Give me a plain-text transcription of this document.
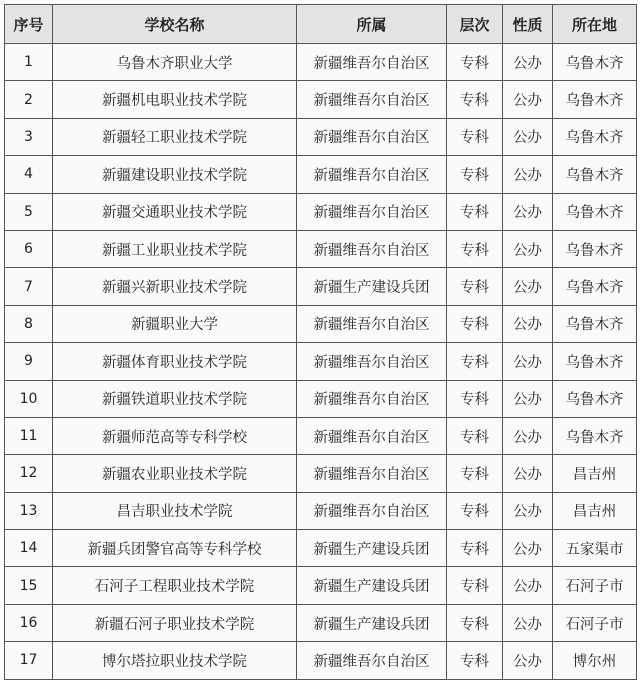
序号	学校名称	所属	层次	性质	所在地
1	乌鲁木齐职业大学	新疆维吾尔自治区	专科	公办	乌鲁木齐
2	新疆机电职业技术学院	新疆维吾尔自治区	专科	公办	乌鲁木齐
3	新疆轻工职业技术学院	新疆维吾尔自治区	专科	公办	乌鲁木齐
4	新疆建设职业技术学院	新疆维吾尔自治区	专科	公办	乌鲁木齐
5	新疆交通职业技术学院	新疆维吾尔自治区	专科	公办	乌鲁木齐
6	新疆工业职业技术学院	新疆维吾尔自治区	专科	公办	乌鲁木齐
7	新疆兴新职业技术学院	新疆生产建设兵团	专科	公办	乌鲁木齐
8	新疆职业大学	新疆维吾尔自治区	专科	公办	乌鲁木齐
9	新疆体育职业技术学院	新疆维吾尔自治区	专科	公办	乌鲁木齐
10	新疆铁道职业技术学院	新疆维吾尔自治区	专科	公办	乌鲁木齐
11	新疆师范高等专科学校	新疆维吾尔自治区	专科	公办	乌鲁木齐
12	新疆农业职业技术学院	新疆维吾尔自治区	专科	公办	昌吉州
13	昌吉职业技术学院	新疆维吾尔自治区	专科	公办	昌吉州
14	新疆兵团警官高等专科学校	新疆生产建设兵团	专科	公办	五家渠市
15	石河子工程职业技术学院	新疆生产建设兵团	专科	公办	石河子市
16	新疆石河子职业技术学院	新疆生产建设兵团	专科	公办	石河子市
17	博尔塔拉职业技术学院	新疆维吾尔自治区	专科	公办	博尔州
